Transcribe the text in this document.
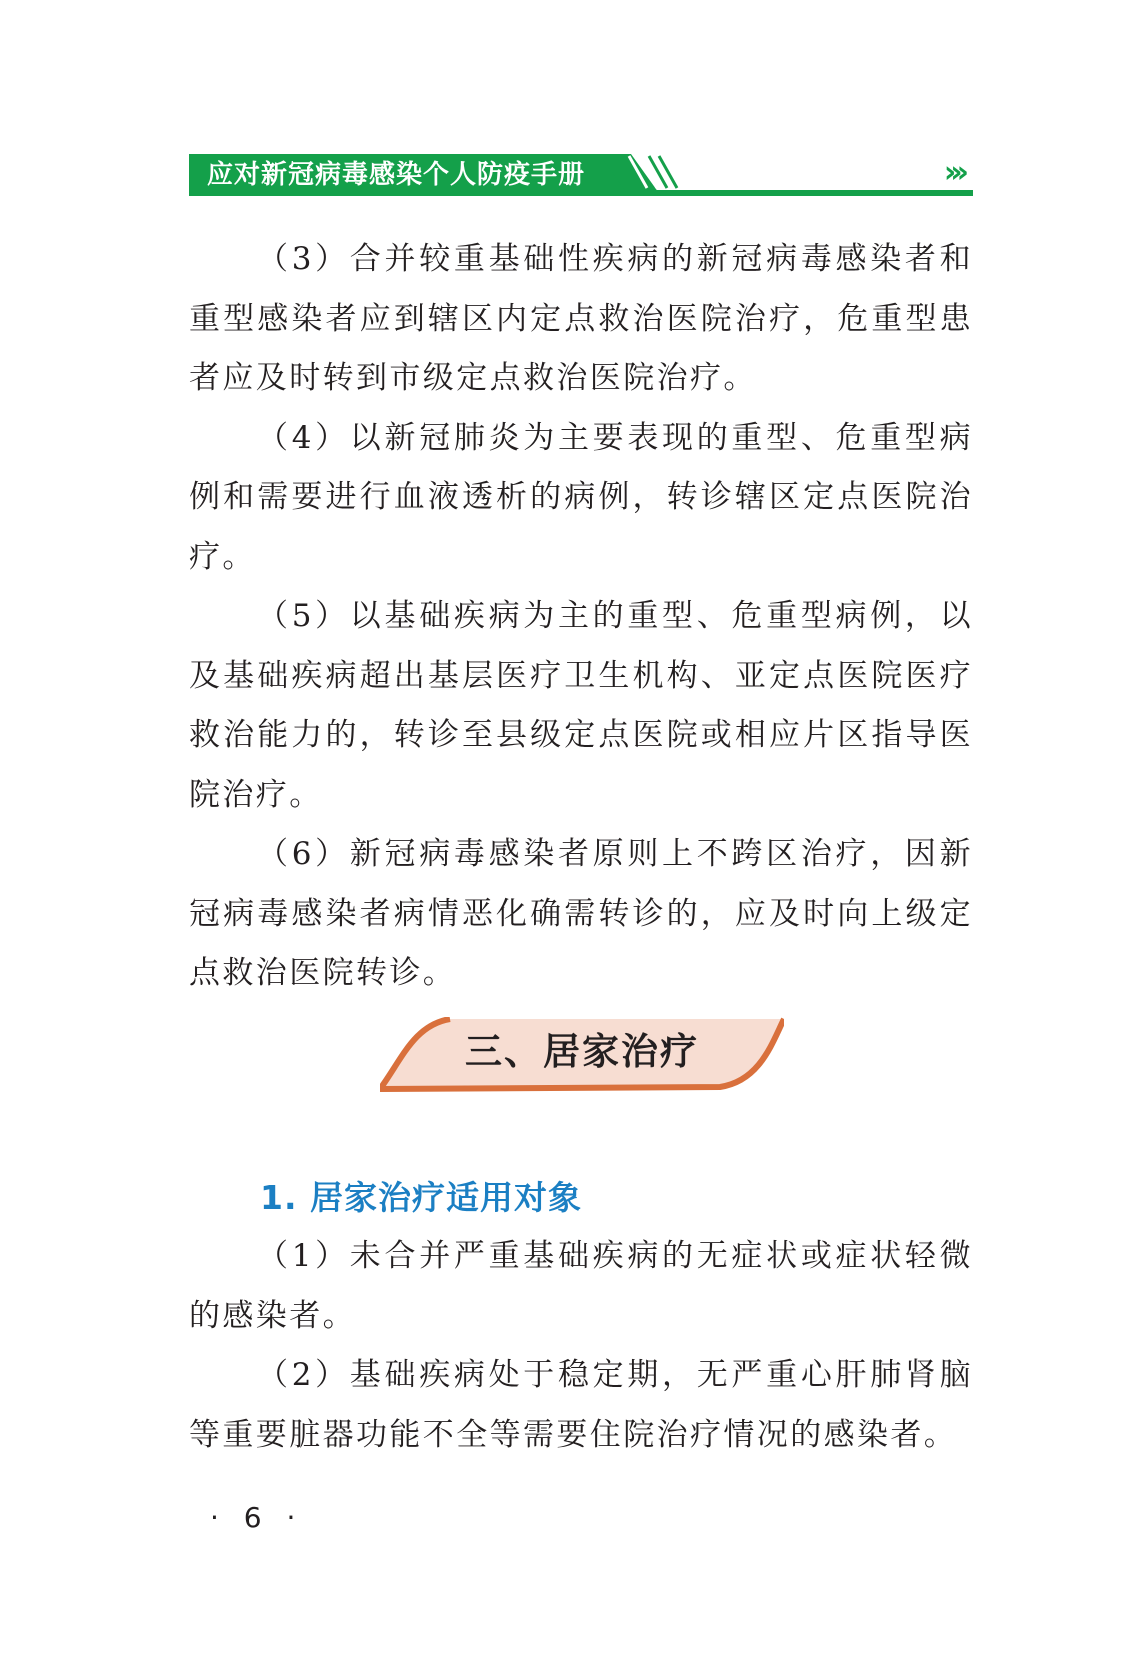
应对新冠病毒感染个人防疫手册	›››

（3）合并较重基础性疾病的新冠病毒感染者和重型感染者应到辖区内定点救治医院治疗，危重型患者应及时转到市级定点救治医院治疗。

（4）以新冠肺炎为主要表现的重型、危重型病例和需要进行血液透析的病例，转诊辖区定点医院治疗。

（5）以基础疾病为主的重型、危重型病例，以及基础疾病超出基层医疗卫生机构、亚定点医院医疗救治能力的，转诊至县级定点医院或相应片区指导医院治疗。

（6）新冠病毒感染者原则上不跨区治疗，因新冠病毒感染者病情恶化确需转诊的，应及时向上级定点救治医院转诊。

三、居家治疗
1. 居家治疗适用对象

（1）未合并严重基础疾病的无症状或症状轻微的感染者。

（2）基础疾病处于稳定期，无严重心肝肺肾脑等重要脏器功能不全等需要住院治疗情况的感染者。

· 6 ·
